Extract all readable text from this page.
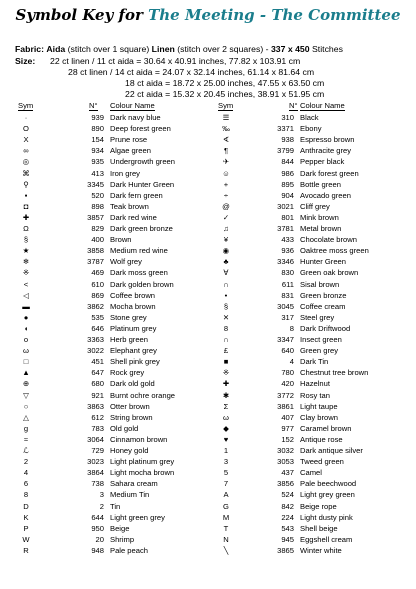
Symbol Key for The Meeting - The Committee
Fabric: Aida (stitch over 1 square) Linen (stitch over 2 squares) - 337 x 450 Stitches
Size: 22 ct linen / 11 ct aida = 30.64 x 40.91 inches, 77.82 x 103.91 cm
28 ct linen / 14 ct aida = 24.07 x 32.14 inches, 61.14 x 81.64 cm
18 ct aida = 18.72 x 25.00 inches, 47.55 x 63.50 cm
22 ct aida = 15.32 x 20.45 inches, 38.91 x 51.95 cm
Sym	N° Colour Name
·	939 Dark navy blue
O	890 Deep forest green
X	154 Prune rose
∞	934 Algae green
◎	935 Undergrowth green
⌘	413 Iron grey
⚲	3345 Dark Hunter Green
▪	520 Dark fern green
◘	898 Teak brown
✚	3857 Dark red wine
Ω	829 Dark green bronze
§	400 Brown
★	3858 Medium red wine
❄	3787 Wolf grey
※	469 Dark moss green
<	610 Dark golden brown
◁	869 Coffee brown
▬	3862 Mocha brown
●	535 Stone grey
◖	646 Platinum grey
o	3363 Herb green
ω	3022 Elephant grey
□	451 Shell pink grey
▲	647 Rock grey
⊕	680 Dark old gold
▽	921 Burnt ochre orange
○	3863 Otter brown
△	612 String brown
g	783 Old gold
≈	3064 Cinnamon brown
ℒ	729 Honey gold
2	3023 Light platinum grey
4	3864 Light mocha brown
6	738 Sahara cream
8	3 Medium Tin
D	2 Tin
K	644 Light green grey
P	950 Beige
W	20 Shrimp
R	948 Pale peach
Sym	N° Colour Name
☰	310 Black
‰	3371 Ebony
∢	938 Espresso brown
¶	3799 Anthracite grey
✈	844 Pepper black
☺	986 Dark forest green
+	895 Bottle green
÷	904 Avocado green
@	3021 Cliff grey
✓	801 Mink brown
♫	3781 Metal brown
¥	433 Chocolate brown
◉	936 Oaktree moss green
♣	3346 Hunter Green
∀	830 Green oak brown
∩	611 Sisal brown
•	831 Green bronze
§	3045 Coffee cream
✕	317 Steel grey
8	8 Dark Driftwood
∩	3347 Insect green
£	640 Green grey
■	4 Dark Tin
※	780 Chestnut tree brown
✚	420 Hazelnut
✱	3772 Rosy tan
Σ	3861 Light taupe
ω	407 Clay brown
◆	977 Caramel brown
♥	152 Antique rose
1	3032 Dark antique silver
3	3053 Tweed green
5	437 Camel
7	3856 Pale beechwood
A	524 Light grey green
G	842 Beige rope
M	224 Light dusty pink
T	543 Shell beige
N	945 Eggshell cream
╲	3865 Winter white
